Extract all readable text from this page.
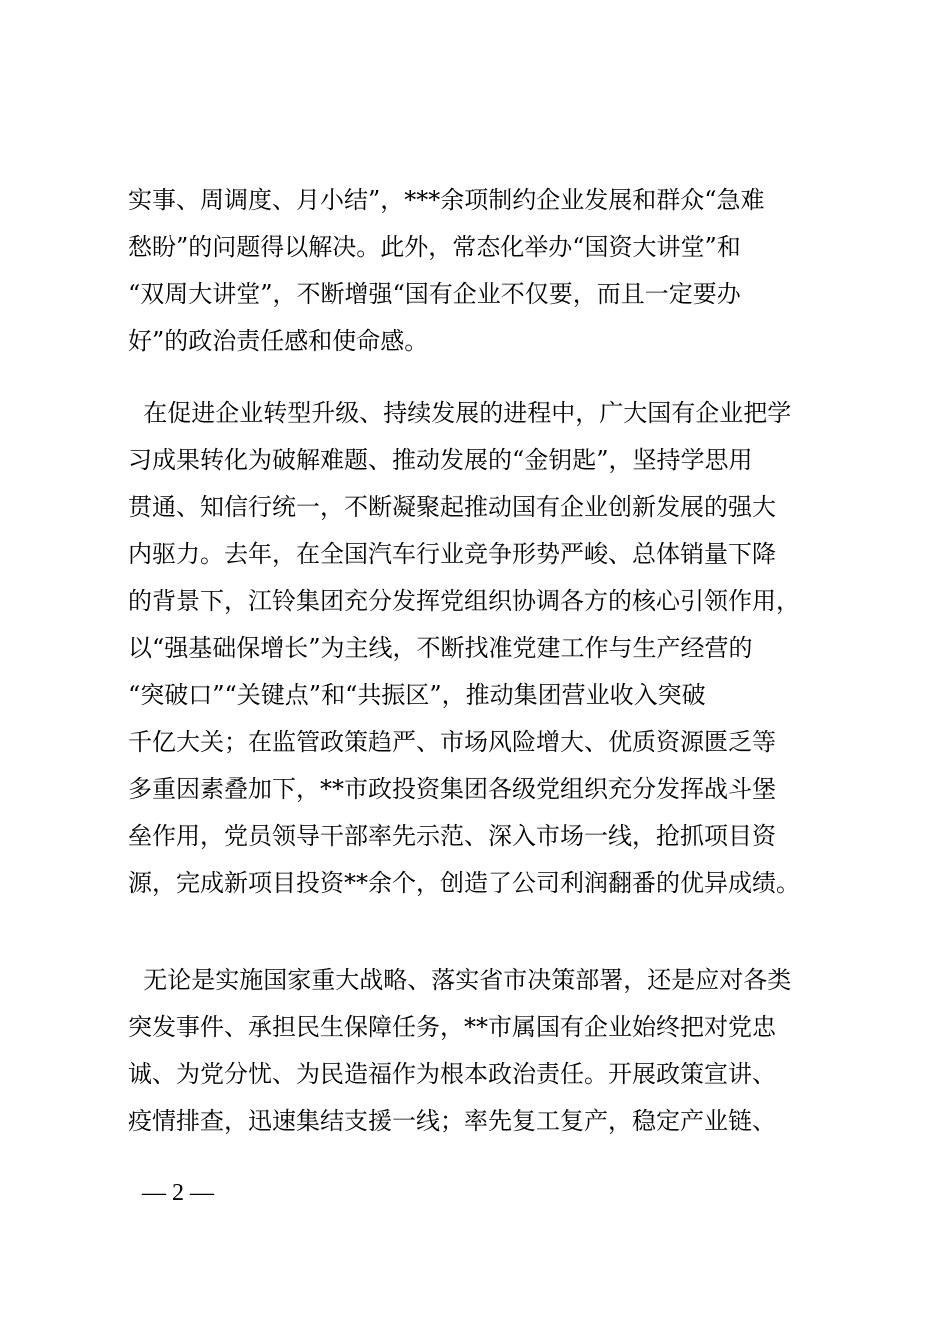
实事、周调度、月小结”，***余项制约企业发展和群众“急难
愁盼”的问题得以解决。此外，常态化举办“国资大讲堂”和
“双周大讲堂”，不断增强“国有企业不仅要，而且一定要办
好”的政治责任感和使命感。
在促进企业转型升级、持续发展的进程中，广大国有企业把学
习成果转化为破解难题、推动发展的“金钥匙”，坚持学思用
贯通、知信行统一，不断凝聚起推动国有企业创新发展的强大
内驱力。去年，在全国汽车行业竞争形势严峻、总体销量下降
的背景下，江铃集团充分发挥党组织协调各方的核心引领作用，
以“强基础保增长”为主线，不断找准党建工作与生产经营的
“突破口”“关键点”和“共振区”，推动集团营业收入突破
千亿大关；在监管政策趋严、市场风险增大、优质资源匮乏等
多重因素叠加下，**市政投资集团各级党组织充分发挥战斗堡
垒作用，党员领导干部率先示范、深入市场一线，抢抓项目资
源，完成新项目投资**余个，创造了公司利润翻番的优异成绩。
无论是实施国家重大战略、落实省市决策部署，还是应对各类
突发事件、承担民生保障任务，**市属国有企业始终把对党忠
诚、为党分忧、为民造福作为根本政治责任。开展政策宣讲、
疫情排查，迅速集结支援一线；率先复工复产，稳定产业链、
— 2 —
